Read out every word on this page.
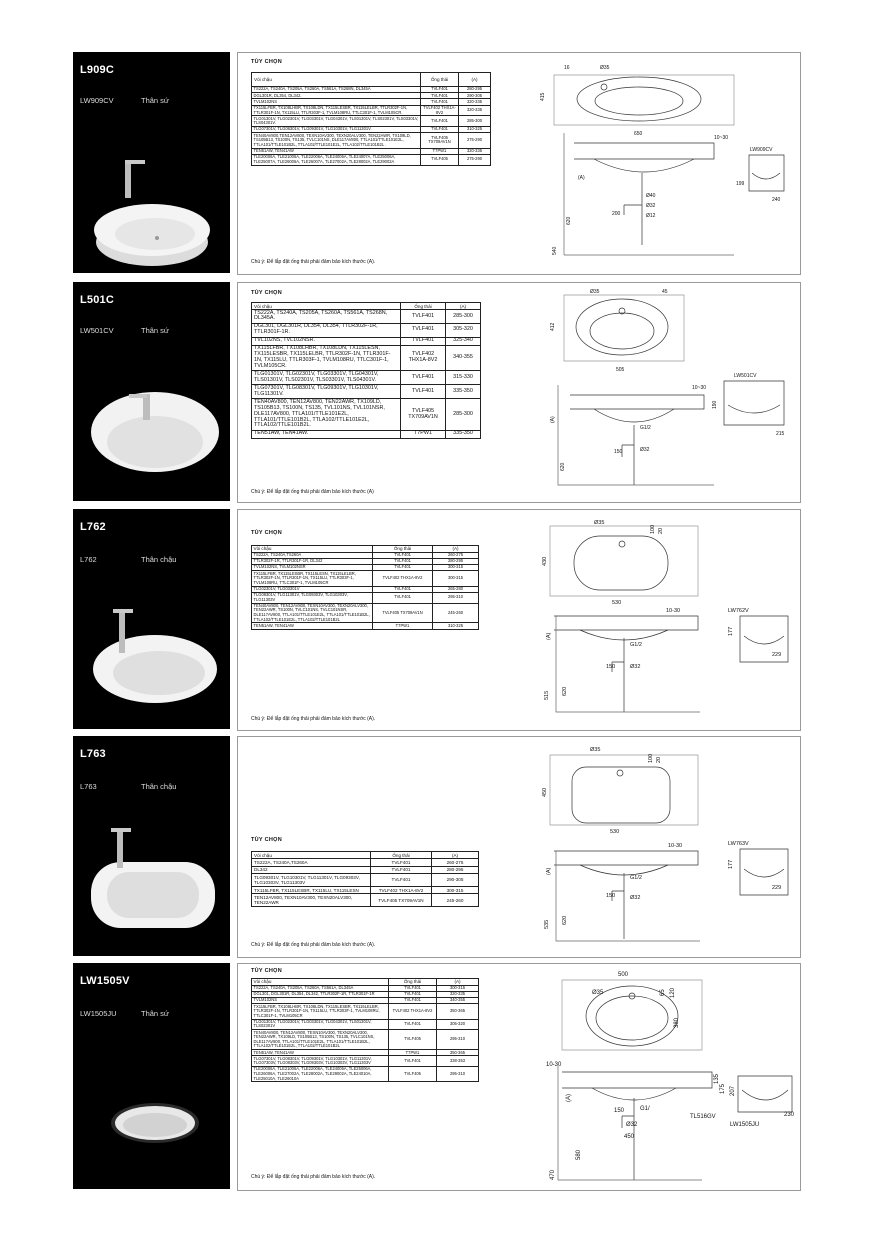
L909C
LW909CV	Thân sứ
TÙY CHỌN
Vòi chậu	Ống thải	(A)
TS222A, TS240A, TS205A, TS260A, TS561A, TS268N, DL345A	TVLF401	280-295
DGL301R, DL354, DL342.	TVLF401	290-305
TVLM102NS	TVLF401	320-335
TX115LFBR, TX108LHBR, TX108LDN, TX115LESBR, TX115LELBR, TTLR302F-1N, TTLR301F-1N, TX115LU, TTLR303F-1, TVLM108RU, TTLC301F-1, TVLM105CR.	TVLF402 THX1A-8V2	320-335
TLG01301V, TLG02301V, TLG03301V, TLG04301V, TLS01301V, TLS02301V, TLS03301V, TLS04301V.	TVLF401	285-300
TLG07301V, TLG08301V, TLG09301V, TLG10301V, TLG11301V.	TVLF401	310-325
TEN40AV800,TEN12AV800, TEXN10AV300, TEXN20ALV300, TEN22AWR, TX109LD, TS105B13, TS100N, TS135, TVLC101NS, DLE117AV800, TTLA101/TTLE101E2L, TTLA101/TTLE101B2L, TTLA102/TTLE101E2L, TTLA102/TTLE101B2L .	TVLF405 TX709AV1N	275-290
TEN51AW, TEN41AW	T7PW1	320-335
TLE20006A, TLE21006A, TLE22006A, TLE24006A, TLE24007A, TLE25006A, TLE25007A, TLE26006A, TLE26007A, TLE27002A, TLE28002A, TLE29002A	TVLF405	275-290
Chú ý: Để lắp đặt ống thải phải đảm bảo kích thước (A).
16	Ø35
415
650
10~30
Ø32
Ø40
200	Ø12
199
540
620
(A)
LW909CV
240
L501C
LW501CV	Thân sứ
TÙY CHỌN
Vòi chậu	Ống thải	(A)
TS222A, TS240A, TS205A, TS260A, TS561A, TS268N, DL345A.	TVLF401	285-300
DGL301, DGL301R, DL354, DL354, TTLR302F-1R, TTLR301F-1R.	TVLF401	305-320
TVL102NS, TVL102NSR.	TVLF401	325-340
TX115LFBR, TX108LHBR, TX108LDN, TX115LESN, TX115LESBR, TX115LELBR, TTLR302F-1N, TTLR301F-1N, TX115LU, TTLR303F-1, TVLM108RU, TTLC301F-1, TVLM105CR.	TVLF402 THX1A-8V2	340-355
TLG01301V, TLG02301V, TLG03301V, TLG04301V, TLS01301V, TLS02301V, TLS03301V, TLS04301V.	TVLF401	315-330
TLG07301V, TLG08301V, TLG09301V, TLG10301V, TLG11301V.	TVLF401	335-350
TEN40AV800, TEN12AV800, TEN22AWR, TX109LD, TS105B13, TS100N, TS135, TVL101NS, TVL101NSR, DLE117AV800, TTLA101/TTLE101E2L, TTLA101/TTLE101B2L, TTLA102/TTLE101E2L, TTLA102/TTLE101B2L.	TVLF405 TX709AV1N	285-300
TEN51AW, TEN41AW.	T7PW1	335-350
Chú ý: Để lắp đặt ống thải phải đảm bảo kích thước (A)
Ø35	45
412
505
10~30
(A)
G1/2
150	Ø32
620
LW501CV
215
190
L762
L762	Thân chậu
TÙY CHỌN
Vòi chậu	Ống thải	(A)
TS222A, TS240A,TS260A	TVLF401	260-275
TTLR302F-1R, TTLR301F-1R, DL342	TVLF401	280-295
TVLM102NS, TVLM102NSR	TVLF401	300-315
TX115LFBR, TX115LESBR, TX115LESN, TX115LELBR, TTLR302F-1N, TTLR301F-1N, TX115LU, TTLR303F-1, TVLM108RU, TTLC301F-1, TVLM105CR	TVLF402 THX1A-8V2	300-315
TLG02301V, TLG03301V	TVLF401	265-280
TLG09301V, TLG11301V, TLG09303V, TLG10303V, TLG11303V	TVLF401	295-310
TEN40AV800, TEN12AV800, TEXN10AV300, TEXN20ALV300, TEN22AWR, TS100N, TVLC101NS, TVLC101NSR, DLE117AV800, TTLA101/TTLE101E2L, TTLA101/TTLE101B2L, TTLA102/TTLE101E2L, TTLA102/TTLE101B2L	TVLF405 TX709AV1N	245-260
TEN51AW, TEN41AW	T7PW1	310-325
Chú ý: Để lắp đặt ống thải phải đảm bảo kích thước (A).
Ø35
100 20
430
530
10-30
(A)
G1/2
150	Ø32
620
515
LW762V
177
229
L763
L763	Thân chậu
TÙY CHỌN
Vòi chậu	Ống thải	(A)
TS222A, TS240A,TS260A	TVLF401	260-275
DL342	TVLF401	280-295
TLG09301V, TLG10301V, TLG11301V, TLG09303V, TLG10303V, TLG11303V	TVLF401	290-305
TX115LFBR, TX115LESBR, TX115LU, TX115LESN	TVLF402 THX1A-8V2	300-315
TEN12AV800, TEXN10AV300, TEXN20ALV300, TEN22AWR	TVLF405 TX709AV1N	245-260
Chú ý: Để lắp đặt ống thải phải đảm bảo kích thước (A).
Ø35
100 20
450
530
10-30
(A)
G1/2
150	Ø32
620
535
LW763V
177
229
LW1505V
LW1505JU	Thân sứ
TÙY CHỌN
Vòi chậu	Ống thải	(A)
TS222A, TS240A, TS205A, TS260A, TS561A, DL345A	TVLF401	300-315
DGL301, DGL301R, DL354, DL342, TTLR302F-1R, TTLR301F-1R	TVLF401	320-335
TVLM102NS	TVLF401	340-355
TX115LFBR, TX108LHBR, TX108LDN, TX115LESBR, TX115LELBR, TTLR302F-1N, TTLR301F-1N, TX115LU, TTLR303F-1, TVLM108RU, TTLC301F-1, TVLM105CR	TVLF402 THX1A-8V2	350-365
TLG01301V, TLG02301V, TLG03301V, TLG04301V, TLS01301V, TLS02301V	TVLF401	305-320
TEN40AV800, TEN12AV800, TEXN10AV300, TEXN20ALV300, TEN22AWR, TX109LD, TS105B13, TS100N, TS135, TVLC101NS, DLE117AV800, TTLA101/TTLE101E2L, TTLA101/TTLE101B2L, TTLA102/TTLE101E2L, TTLA102/TTLE101B2L	TVLF405	295-310
TEN51AW, TEN41AW	T7PW1	350-365
TLG07301V, TLG08301V, TLG09301V, TLG10301V, TLG11301V, TLG07303V, TLG08303V, TLG09303V, TLG10303V, TLG11303V	TVLF401	338-353
TLE20006A, TLE21006A, TLE22006A, TLE24006A, TLE25006A, TLE26006A, TLE27002A, TLE28002A, TLE29002A, TLE24010A, TLE25010A, TLE26010A	TVLF405	295-310
Chú ý: Để lắp đặt ống thải phải đảm bảo kích thước (A).
500
Ø35	65 120
380
10-30
(A)
G1/
150
Ø32
450
580
470
TL516GV
LW1505JU
207
230
175
135
